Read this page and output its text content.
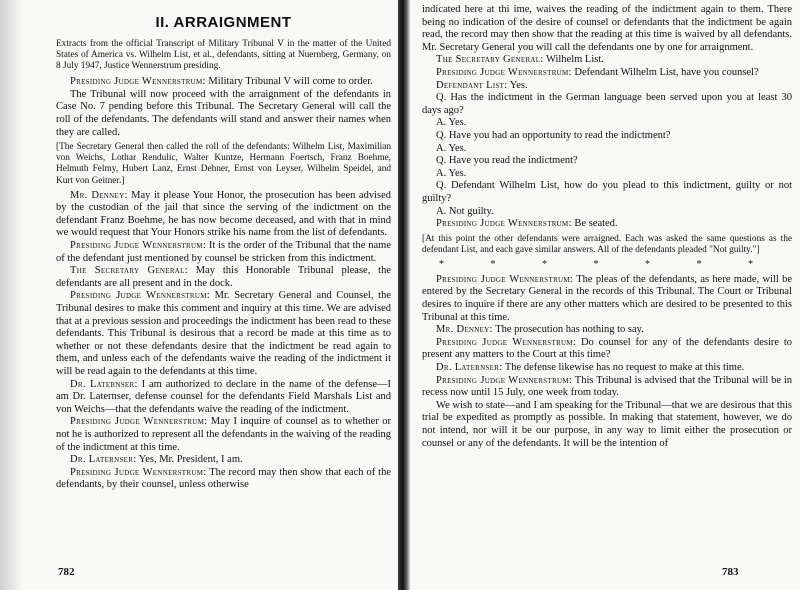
II. ARRAIGNMENT

Extracts from the official Transcript of Military Tribunal V in the matter of the United States of America vs. Wilhelm List, et al., defendants, sitting at Nuernberg, Germany, on 8 July 1947, Justice Wennerstrum presiding.

Presiding Judge Wennerstrum: Military Tribunal V will come to order.

The Tribunal will now proceed with the arraignment of the defendants in Case No. 7 pending before this Tribunal. The Secretary General will call the roll of the defendants. The defendants will stand and answer their names when they are called.

[The Secretary General then called the roll of the defendants: Wilhelm List, Maximilian von Weichs, Lothar Rendulic, Walter Kuntze, Hermann Foertsch, Franz Boehme, Helmuth Felmy, Hubert Lanz, Ernst Dehner, Ernst von Leyser, Wilhelm Speidel, and Kurt von Geitner.]

Mr. Denney: May it please Your Honor, the prosecution has been advised by the custodian of the jail that since the serving of the indictment on the defendant Franz Boehme, he has now become deceased, and with that in mind we would request that Your Honors strike his name from the list of defendants.

Presiding Judge Wennerstrum: It is the order of the Tribunal that the name of the defendant just mentioned by counsel be stricken from this indictment.

The Secretary General: May this Honorable Tribunal please, the defendants are all present and in the dock.

Presiding Judge Wennerstrum: Mr. Secretary General and Counsel, the Tribunal desires to make this comment and inquiry at this time. We are advised that at a previous session and proceedings the indictment has been read to these defendants. This Tribunal is desirous that a record be made at this time as to whether or not these defendants desire that the indictment be read again to them, and unless each of the defendants waive the reading of the indictment it will be read again to the defendants at this time.

Dr. Laternser: I am authorized to declare in the name of the defense—I am Dr. Laternser, defense counsel for the defendants Field Marshals List and von Weichs—that the defendants waive the reading of the indictment.

Presiding Judge Wennerstrum: May I inquire of counsel as to whether or not he is authorized to represent all the defendants in the waiving of the reading of the indictment at this time.

Dr. Laternser: Yes, Mr. President, I am.

Presiding Judge Wennerstrum: The record may then show that each of the defendants, by their counsel, unless otherwise

782

indicated here at thi ime, waives the reading of the indictment again to them. There being no indication of the desire of counsel or defendants that the indictment be again read, the record may then show that the reading at this time is waived by all defendants. Mr. Secretary General you will call the defendants one by one for arraignment.

The Secretary General: Wilhelm List.

Presiding Judge Wennerstrum: Defendant Wilhelm List, have you counsel?

Defendant List: Yes.

Q. Has the indictment in the German language been served upon you at least 30 days ago?

A. Yes.

Q. Have you had an opportunity to read the indictment?

A. Yes.

Q. Have you read the indictment?

A. Yes.

Q. Defendant Wilhelm List, how do you plead to this indictment, guilty or not guilty?

A. Not guilty.

Presiding Judge Wennerstrum: Be seated.

[At this point the other defendants were arraigned. Each was asked the same questions as the defendant List, and each gave similar answers. All of the defendants pleaded "Not guilty."]

* * * * * * *

Presiding Judge Wennerstrum: The pleas of the defendants, as here made, will be entered by the Secretary General in the records of this Tribunal. The Court or Tribunal desires to inquire if there are any other matters which are desired to be presented to this Tribunal at this time.

Mr. Denney: The prosecution has nothing to say.

Presiding Judge Wennerstrum: Do counsel for any of the defendants desire to present any matters to the Court at this time?

Dr. Laternser: The defense likewise has no request to make at this time.

Presiding Judge Wennerstrum: This Tribunal is advised that the Tribunal will be in recess now until 15 July, one week from today.

We wish to state—and I am speaking for the Tribunal—that we are desirous that this trial be expedited as promptly as possible. In making that statement, however, we do not intend, nor will it be our purpose, in any way to limit either the prosecution or counsel or any of the defendants. It will be the intention of

783
